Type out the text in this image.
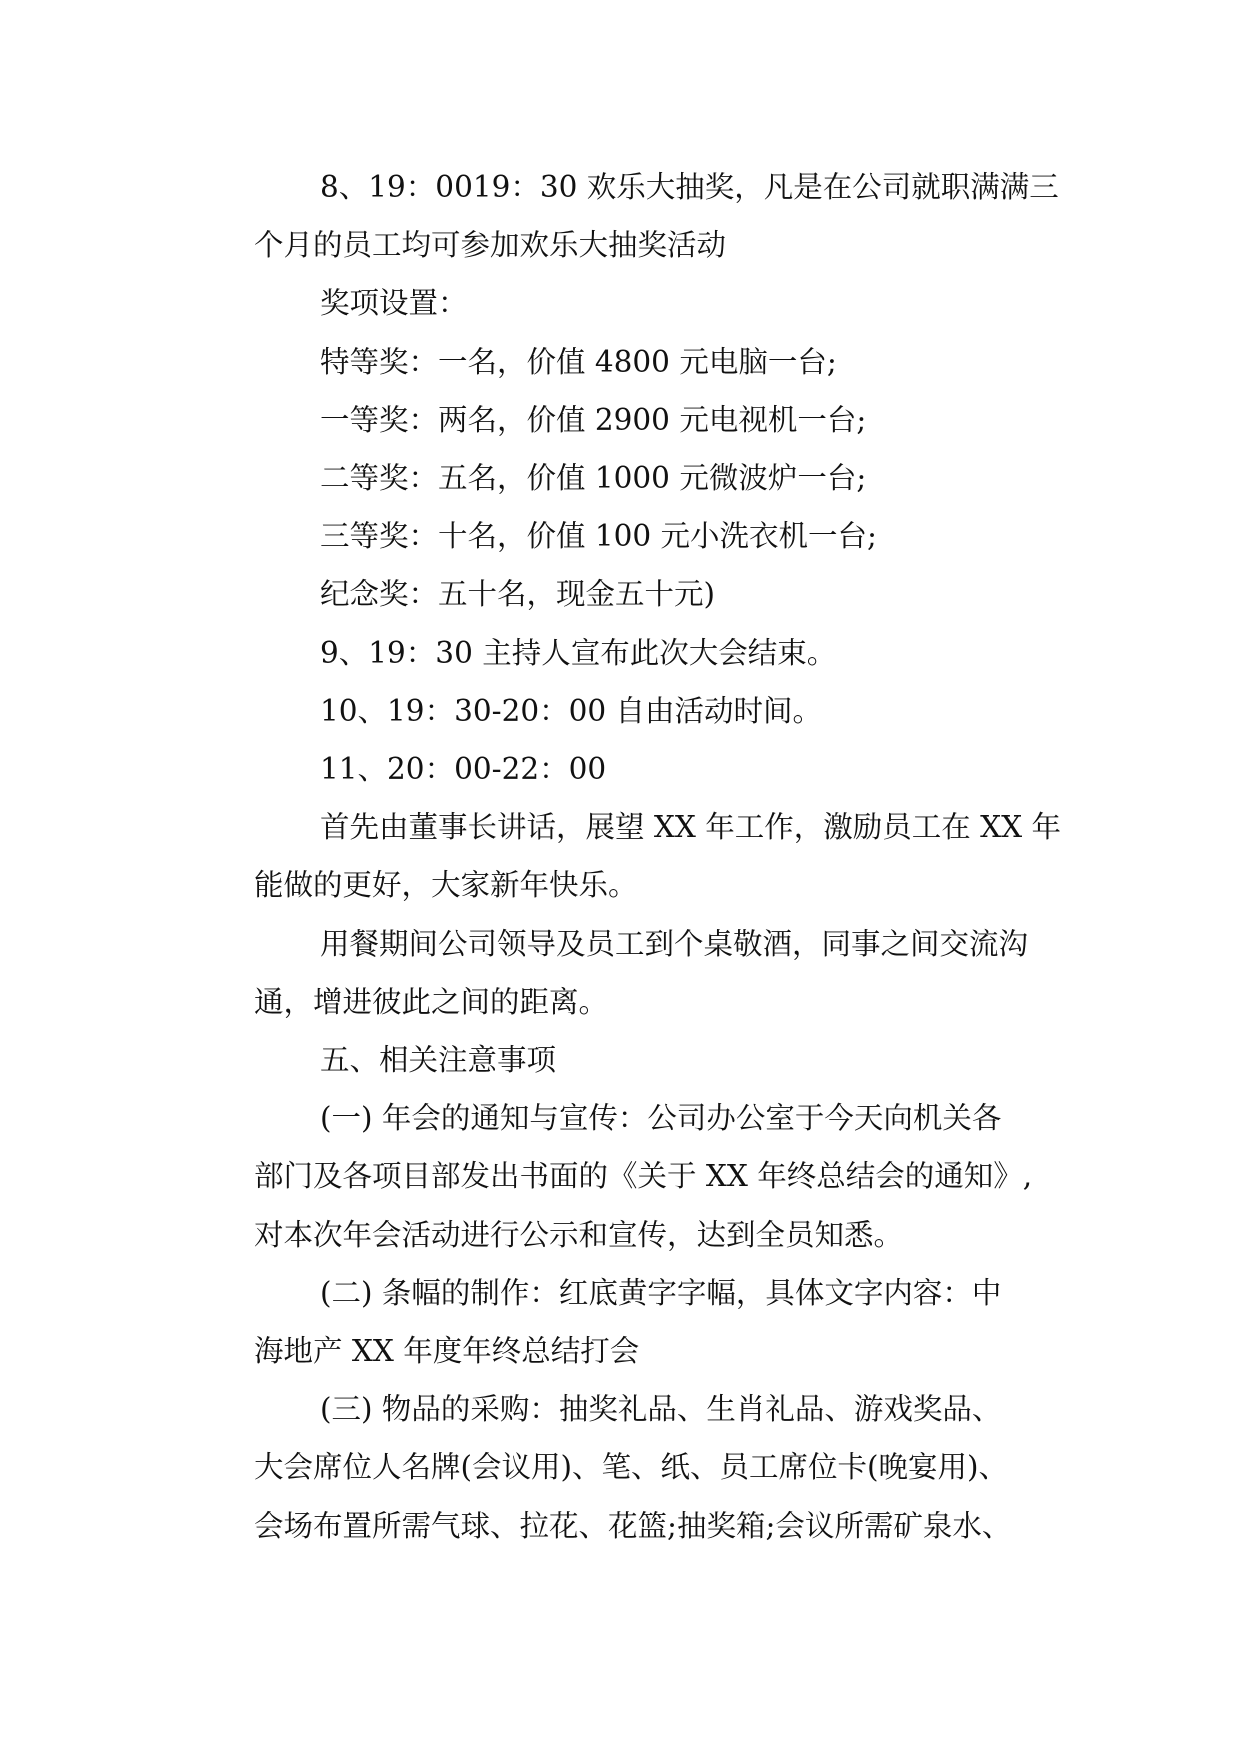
8、19：0019：30 欢乐大抽奖，凡是在公司就职满满三
个月的员工均可参加欢乐大抽奖活动
奖项设置：
特等奖：一名，价值 4800 元电脑一台;
一等奖：两名，价值 2900 元电视机一台;
二等奖：五名，价值 1000 元微波炉一台;
三等奖：十名，价值 100 元小洗衣机一台;
纪念奖：五十名，现金五十元)
9、19：30 主持人宣布此次大会结束。
10、19：30-20：00 自由活动时间。
11、20：00-22：00
首先由董事长讲话，展望 XX 年工作，激励员工在 XX 年
能做的更好，大家新年快乐。
用餐期间公司领导及员工到个桌敬酒，同事之间交流沟
通，增进彼此之间的距离。
五、相关注意事项
(一) 年会的通知与宣传：公司办公室于今天向机关各
部门及各项目部发出书面的《关于 XX 年终总结会的通知》,
对本次年会活动进行公示和宣传，达到全员知悉。
(二) 条幅的制作：红底黄字字幅，具体文字内容：中
海地产 XX 年度年终总结打会
(三) 物品的采购：抽奖礼品、生肖礼品、游戏奖品、
大会席位人名牌(会议用)、笔、纸、员工席位卡(晚宴用)、
会场布置所需气球、拉花、花篮;抽奖箱;会议所需矿泉水、
